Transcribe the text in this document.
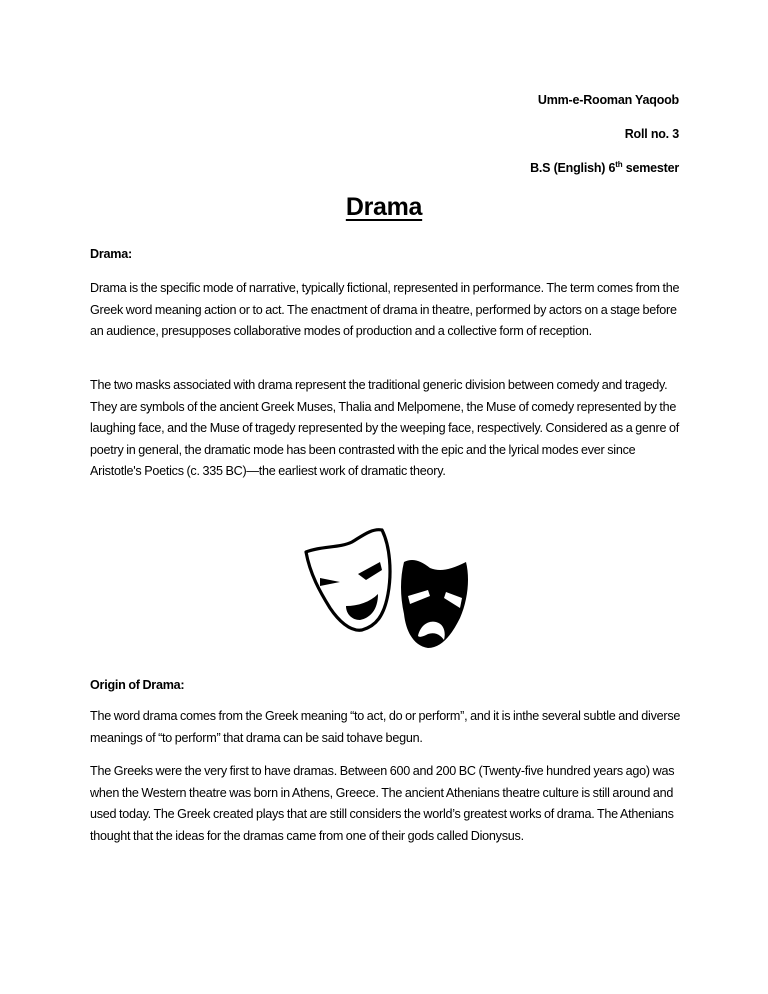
Umm-e-Rooman Yaqoob
Roll no. 3
B.S (English) 6th semester
Drama

Drama:

Drama is the specific mode of narrative, typically fictional, represented in performance. The term comes from the Greek word meaning action or to act. The enactment of drama in theatre, performed by actors on a stage before an audience, presupposes collaborative modes of production and a collective form of reception.

The two masks associated with drama represent the traditional generic division between comedy and tragedy. They are symbols of the ancient Greek Muses, Thalia and Melpomene, the Muse of comedy represented by the laughing face, and the Muse of tragedy represented by the weeping face, respectively. Considered as a genre of poetry in general, the dramatic mode has been contrasted with the epic and the lyrical modes ever since Aristotle's Poetics (c. 335 BC)—the earliest work of dramatic theory.

Origin of Drama:

The word drama comes from the Greek meaning “to act, do or perform”, and it is inthe several subtle and diverse meanings of “to perform” that drama can be said tohave begun.

The Greeks were the very first to have dramas. Between 600 and 200 BC (Twenty-five hundred years ago) was when the Western theatre was born in Athens, Greece. The ancient Athenians theatre culture is still around and used today. The Greek created plays that are still considers the world’s greatest works of drama. The Athenians thought that the ideas for the dramas came from one of their gods called Dionysus.
